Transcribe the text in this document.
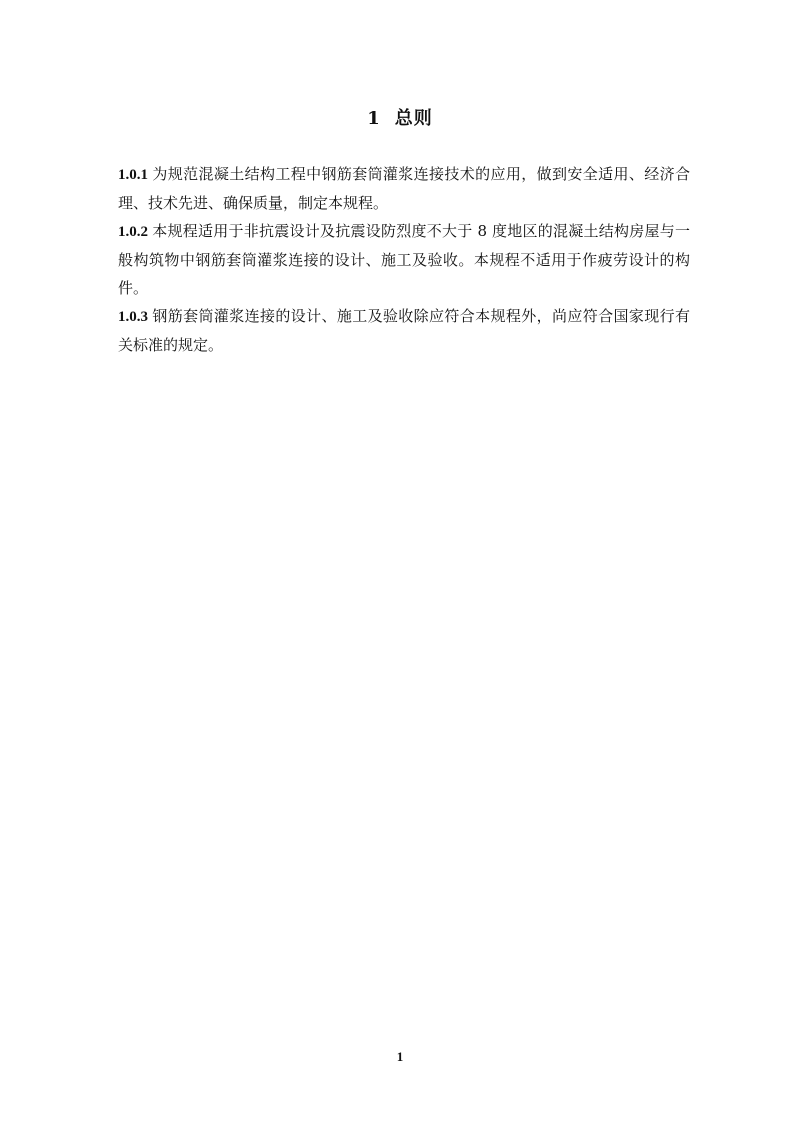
1 总则

1.0.1 为规范混凝土结构工程中钢筋套筒灌浆连接技术的应用，做到安全适用、经济合理、技术先进、确保质量，制定本规程。

1.0.2 本规程适用于非抗震设计及抗震设防烈度不大于 8 度地区的混凝土结构房屋与一般构筑物中钢筋套筒灌浆连接的设计、施工及验收。本规程不适用于作疲劳设计的构件。

1.0.3 钢筋套筒灌浆连接的设计、施工及验收除应符合本规程外，尚应符合国家现行有关标准的规定。

1
